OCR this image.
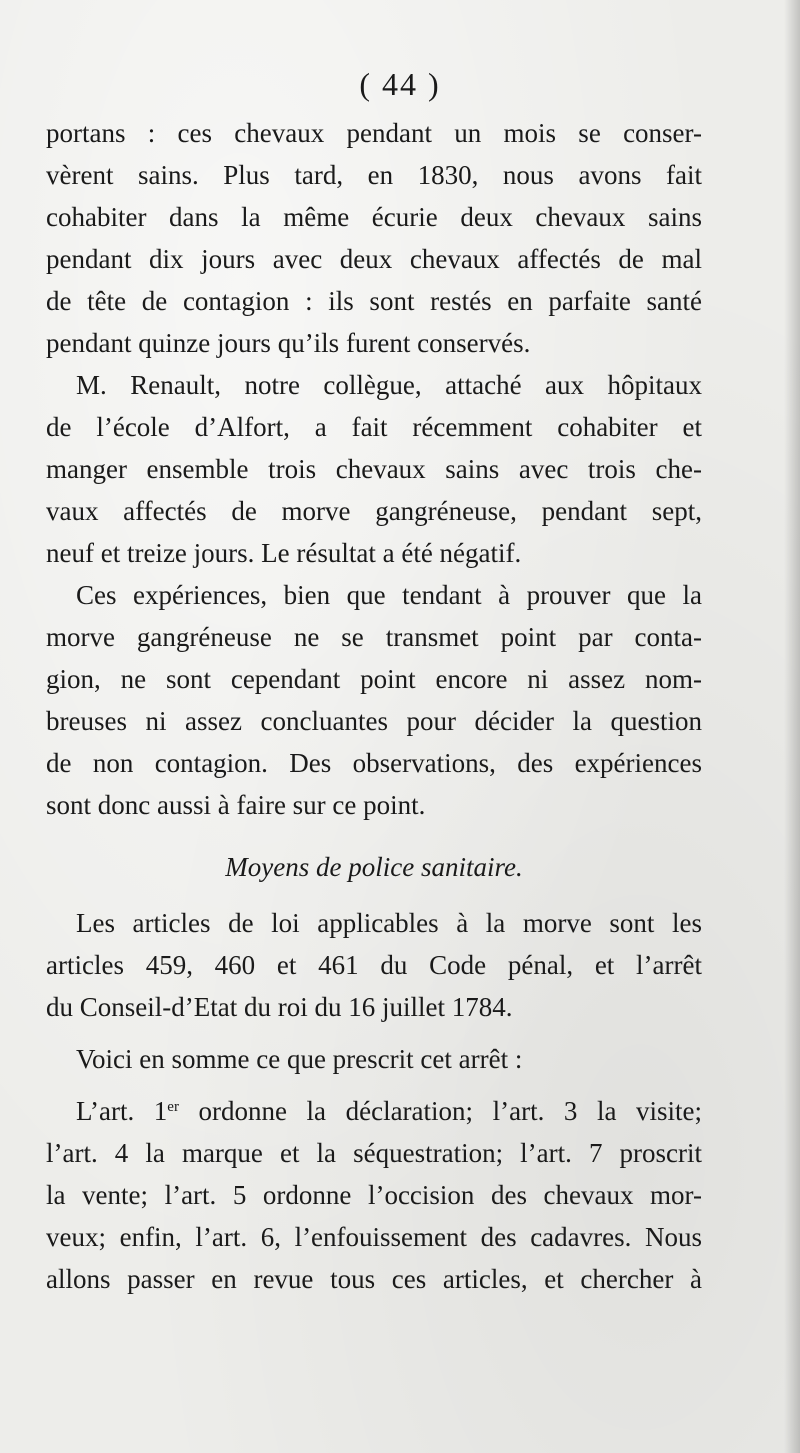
( 44 )
portans : ces chevaux pendant un mois se conser-
vèrent sains. Plus tard, en 1830, nous avons fait
cohabiter dans la même écurie deux chevaux sains
pendant dix jours avec deux chevaux affectés de mal
de tête de contagion : ils sont restés en parfaite santé
pendant quinze jours qu’ils furent conservés.
M. Renault, notre collègue, attaché aux hôpitaux
de l’école d’Alfort, a fait récemment cohabiter et
manger ensemble trois chevaux sains avec trois che-
vaux affectés de morve gangréneuse, pendant sept,
neuf et treize jours. Le résultat a été négatif.
Ces expériences, bien que tendant à prouver que la
morve gangréneuse ne se transmet point par conta-
gion, ne sont cependant point encore ni assez nom-
breuses ni assez concluantes pour décider la question
de non contagion. Des observations, des expériences
sont donc aussi à faire sur ce point.
Moyens de police sanitaire.
Les articles de loi applicables à la morve sont les
articles 459, 460 et 461 du Code pénal, et l’arrêt
du Conseil-d’Etat du roi du 16 juillet 1784.
Voici en somme ce que prescrit cet arrêt :
L’art. 1er ordonne la déclaration; l’art. 3 la visite;
l’art. 4 la marque et la séquestration; l’art. 7 proscrit
la vente; l’art. 5 ordonne l’occision des chevaux mor-
veux; enfin, l’art. 6, l’enfouissement des cadavres. Nous
allons passer en revue tous ces articles, et chercher à
